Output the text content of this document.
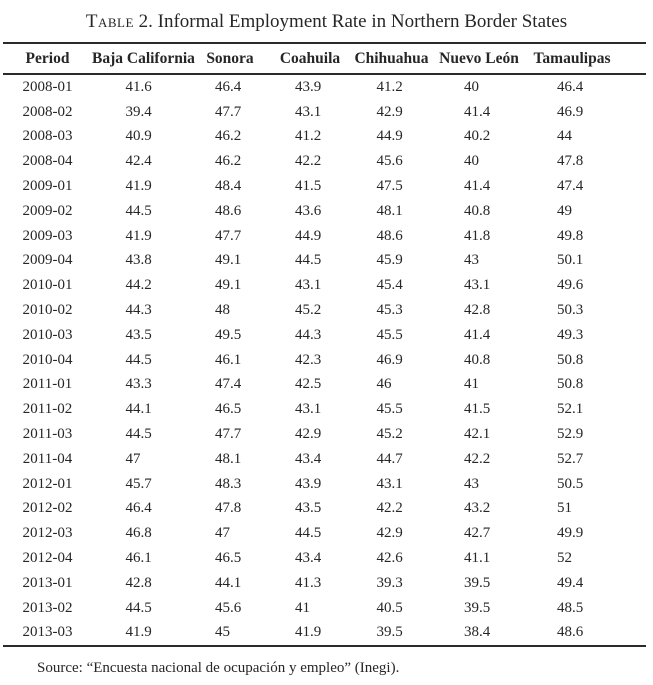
Table 2. Informal Employment Rate in Northern Border States
Period	Baja California	Sonora	Coahuila	Chihuahua	Nuevo León	Tamaulipas
2008-01	41.6	46.4	43.9	41.2	40	46.4
2008-02	39.4	47.7	43.1	42.9	41.4	46.9
2008-03	40.9	46.2	41.2	44.9	40.2	44
2008-04	42.4	46.2	42.2	45.6	40	47.8
2009-01	41.9	48.4	41.5	47.5	41.4	47.4
2009-02	44.5	48.6	43.6	48.1	40.8	49
2009-03	41.9	47.7	44.9	48.6	41.8	49.8
2009-04	43.8	49.1	44.5	45.9	43	50.1
2010-01	44.2	49.1	43.1	45.4	43.1	49.6
2010-02	44.3	48	45.2	45.3	42.8	50.3
2010-03	43.5	49.5	44.3	45.5	41.4	49.3
2010-04	44.5	46.1	42.3	46.9	40.8	50.8
2011-01	43.3	47.4	42.5	46	41	50.8
2011-02	44.1	46.5	43.1	45.5	41.5	52.1
2011-03	44.5	47.7	42.9	45.2	42.1	52.9
2011-04	47	48.1	43.4	44.7	42.2	52.7
2012-01	45.7	48.3	43.9	43.1	43	50.5
2012-02	46.4	47.8	43.5	42.2	43.2	51
2012-03	46.8	47	44.5	42.9	42.7	49.9
2012-04	46.1	46.5	43.4	42.6	41.1	52
2013-01	42.8	44.1	41.3	39.3	39.5	49.4
2013-02	44.5	45.6	41	40.5	39.5	48.5
2013-03	41.9	45	41.9	39.5	38.4	48.6
Source: “Encuesta nacional de ocupación y empleo” (Inegi).
